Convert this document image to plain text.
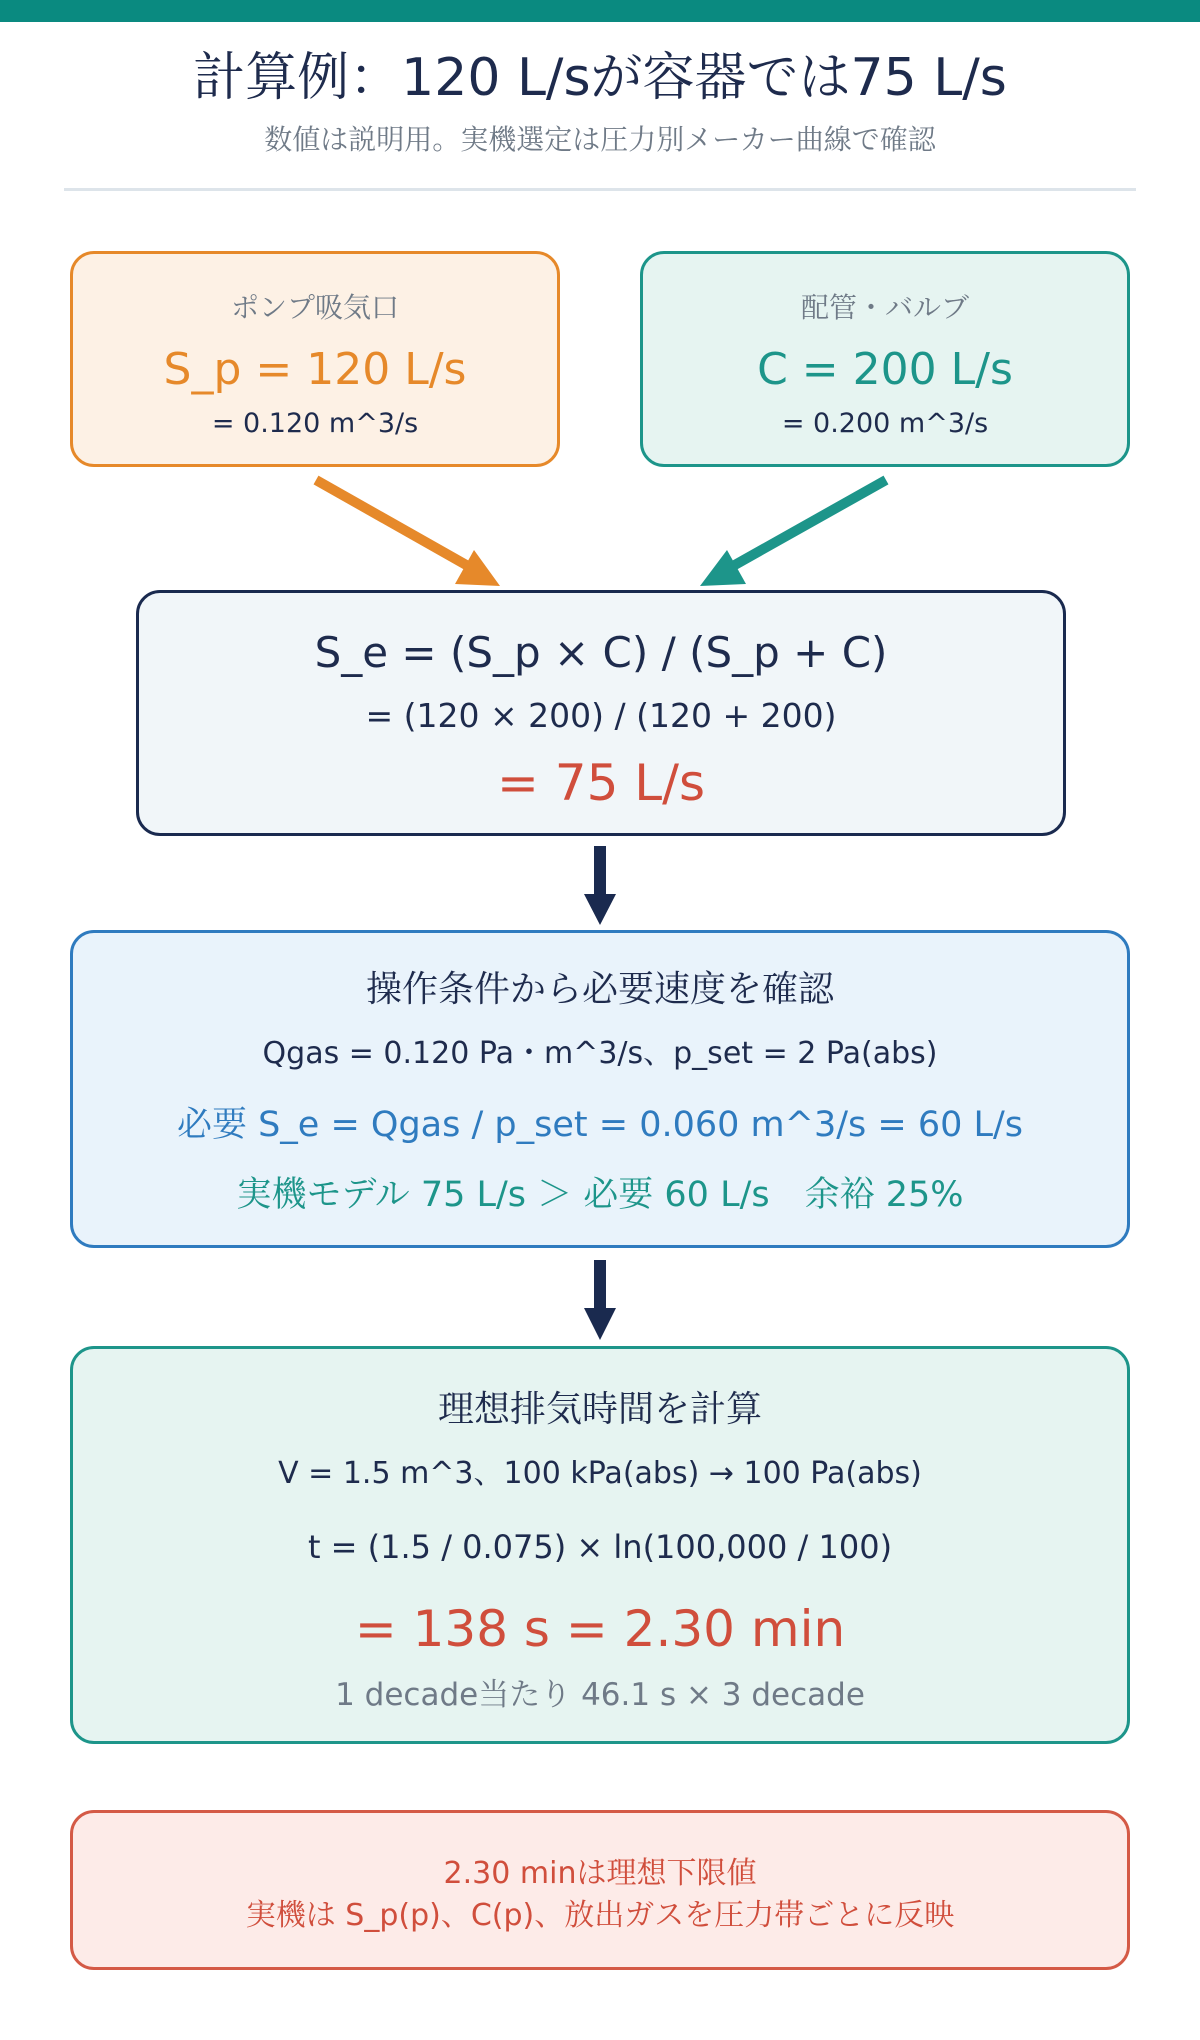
計算例：120 L/sが容器では75 L/s
数値は説明用。実機選定は圧力別メーカー曲線で確認
ポンプ吸気口
S_p = 120 L/s
= 0.120 m^3/s
配管・バルブ
C = 200 L/s
= 0.200 m^3/s
S_e = (S_p × C) / (S_p + C)
= (120 × 200) / (120 + 200)
= 75 L/s
操作条件から必要速度を確認
Qgas = 0.120 Pa・m^3/s、p_set = 2 Pa(abs)
必要 S_e = Qgas / p_set = 0.060 m^3/s = 60 L/s
実機モデル 75 L/s ＞ 必要 60 L/s　余裕 25%
理想排気時間を計算
V = 1.5 m^3、100 kPa(abs) → 100 Pa(abs)
t = (1.5 / 0.075) × ln(100,000 / 100)
= 138 s = 2.30 min
1 decade当たり 46.1 s × 3 decade
2.30 minは理想下限値
実機は S_p(p)、C(p)、放出ガスを圧力帯ごとに反映
